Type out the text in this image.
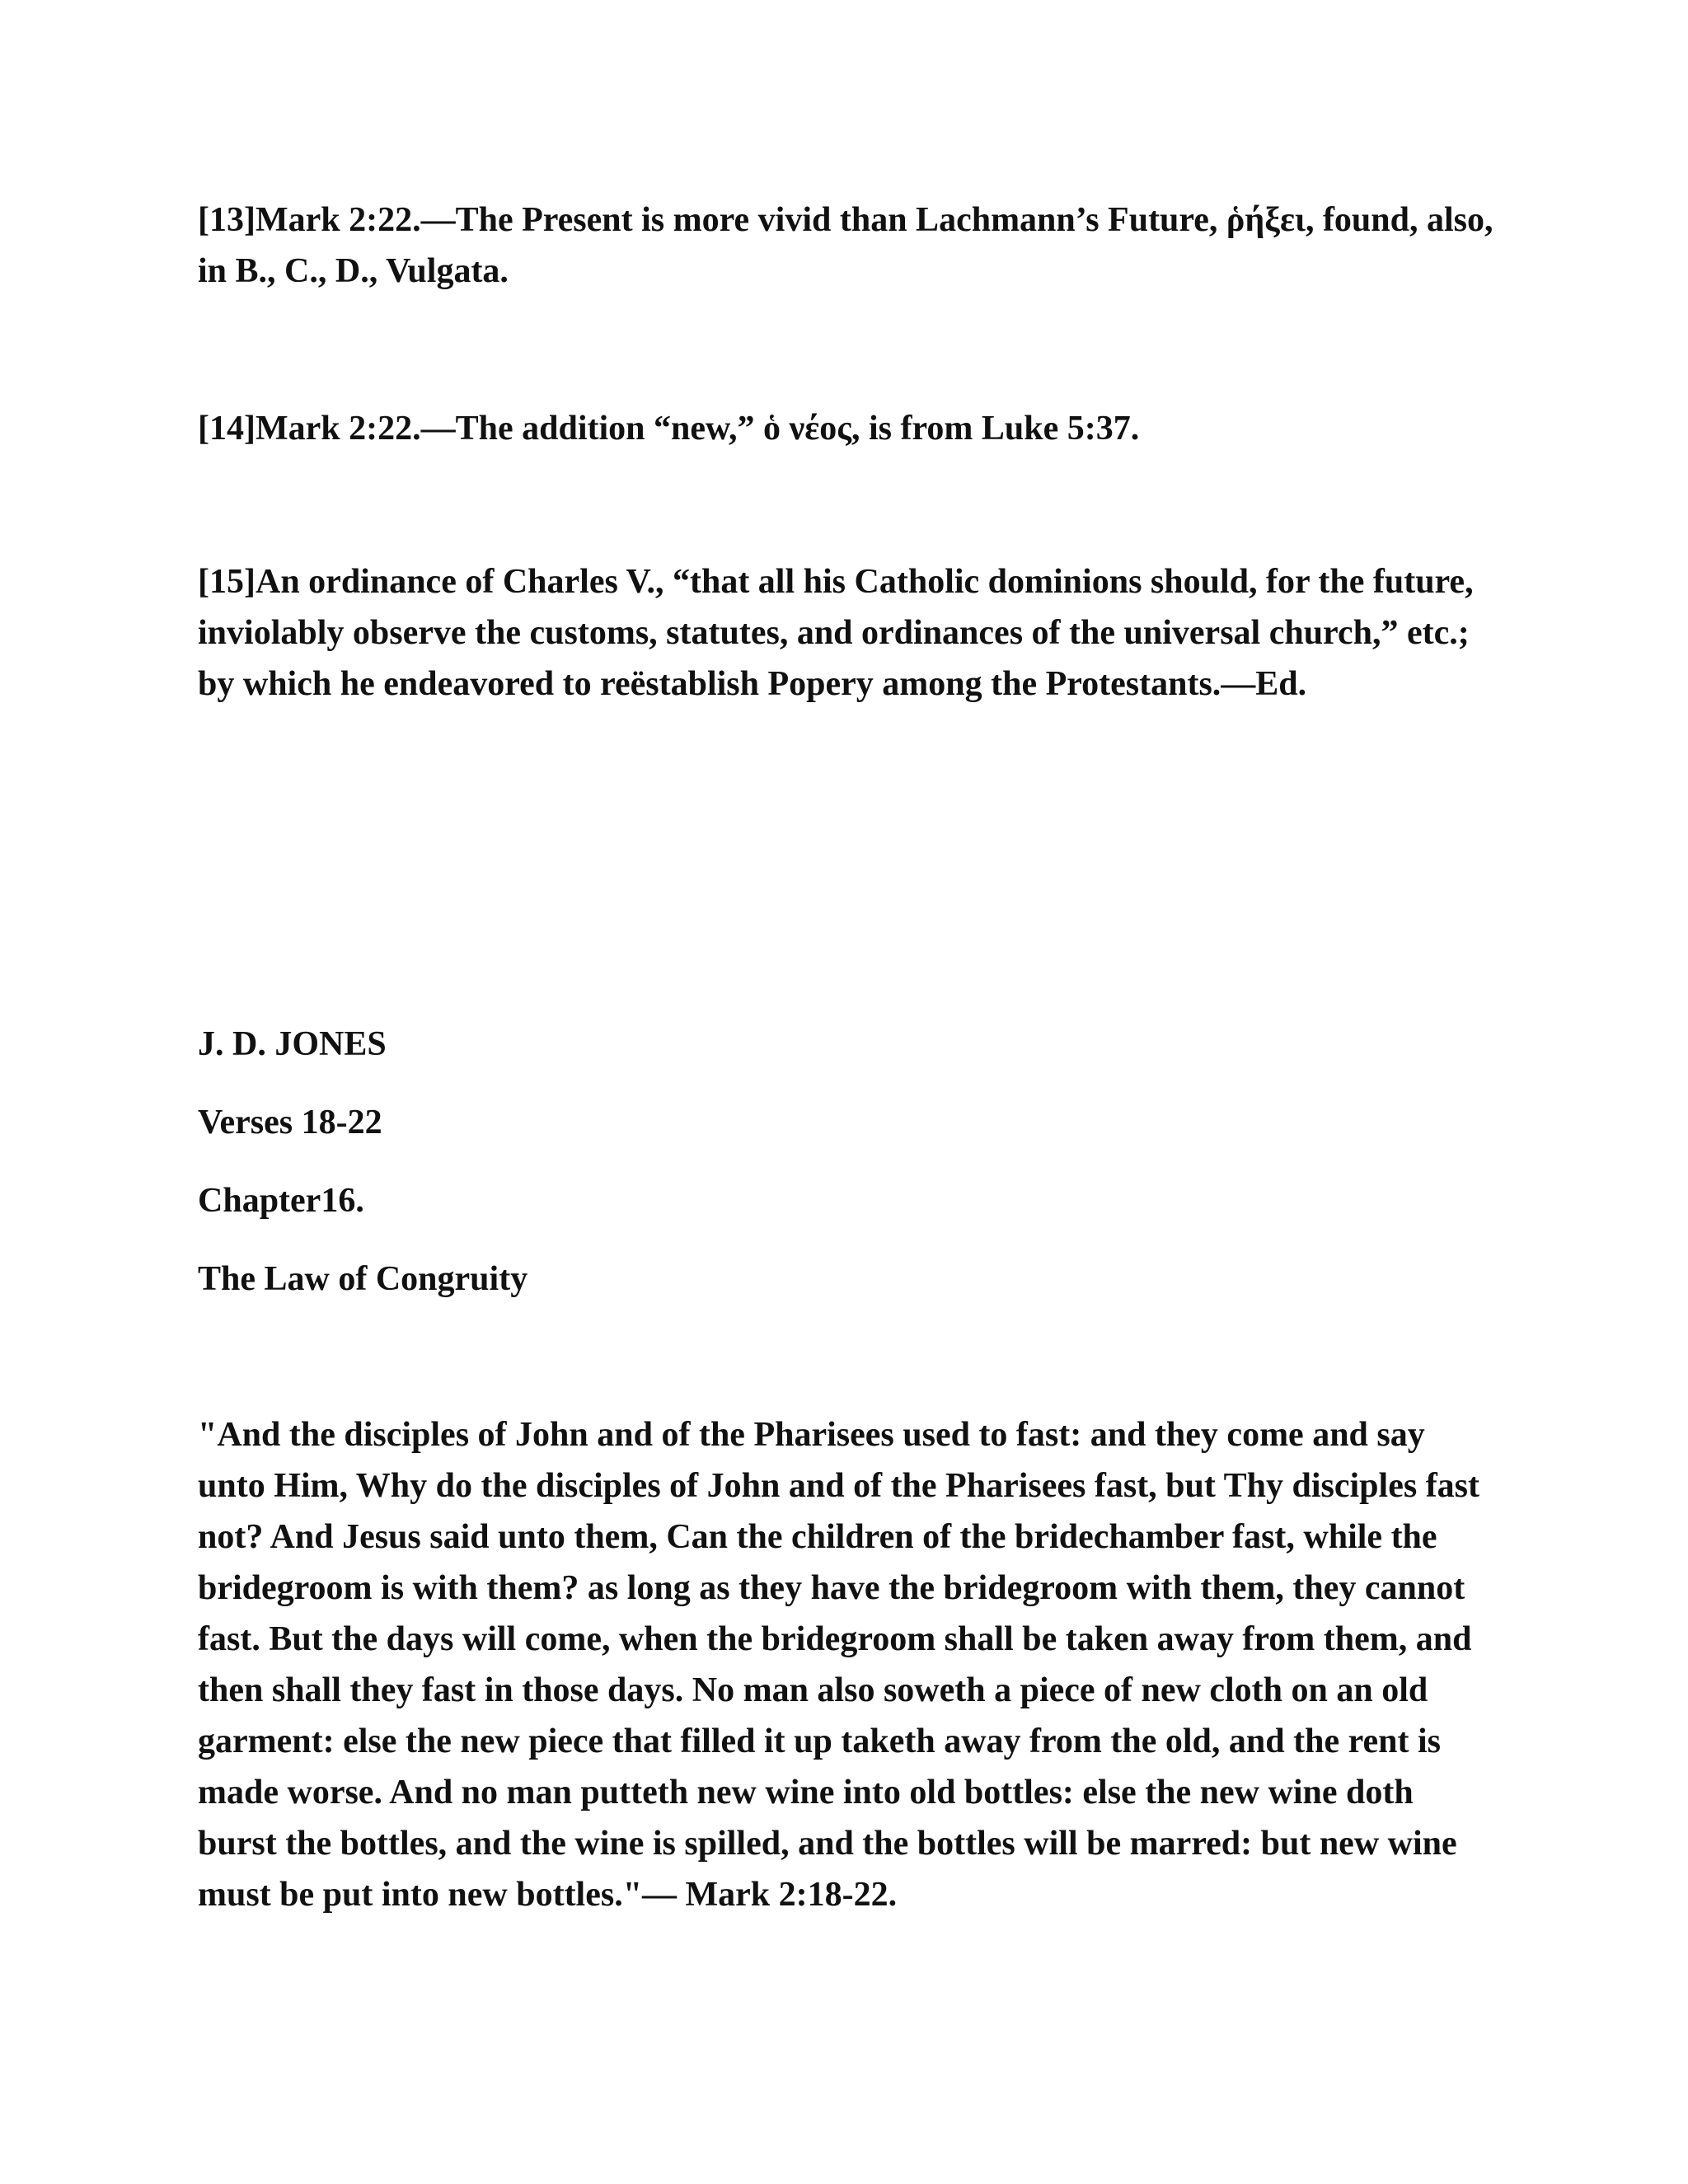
[13]Mark 2:22.—The Present is more vivid than Lachmann’s Future, ῥήξει, found, also, in B., C., D., Vulgata.

[14]Mark 2:22.—The addition “new,” ὁ νέος, is from Luke 5:37.

[15]An ordinance of Charles V., “that all his Catholic dominions should, for the future, inviolably observe the customs, statutes, and ordinances of the universal church,” etc.; by which he endeavored to reëstablish Popery among the Protestants.—Ed.

J. D. JONES

Verses 18-22

Chapter16.

The Law of Congruity

"And the disciples of John and of the Pharisees used to fast: and they come and say unto Him, Why do the disciples of John and of the Pharisees fast, but Thy disciples fast not? And Jesus said unto them, Can the children of the bridechamber fast, while the bridegroom is with them? as long as they have the bridegroom with them, they cannot fast. But the days will come, when the bridegroom shall be taken away from them, and then shall they fast in those days. No man also soweth a piece of new cloth on an old garment: else the new piece that filled it up taketh away from the old, and the rent is made worse. And no man putteth new wine into old bottles: else the new wine doth burst the bottles, and the wine is spilled, and the bottles will be marred: but new wine must be put into new bottles."— Mark 2:18-22.
